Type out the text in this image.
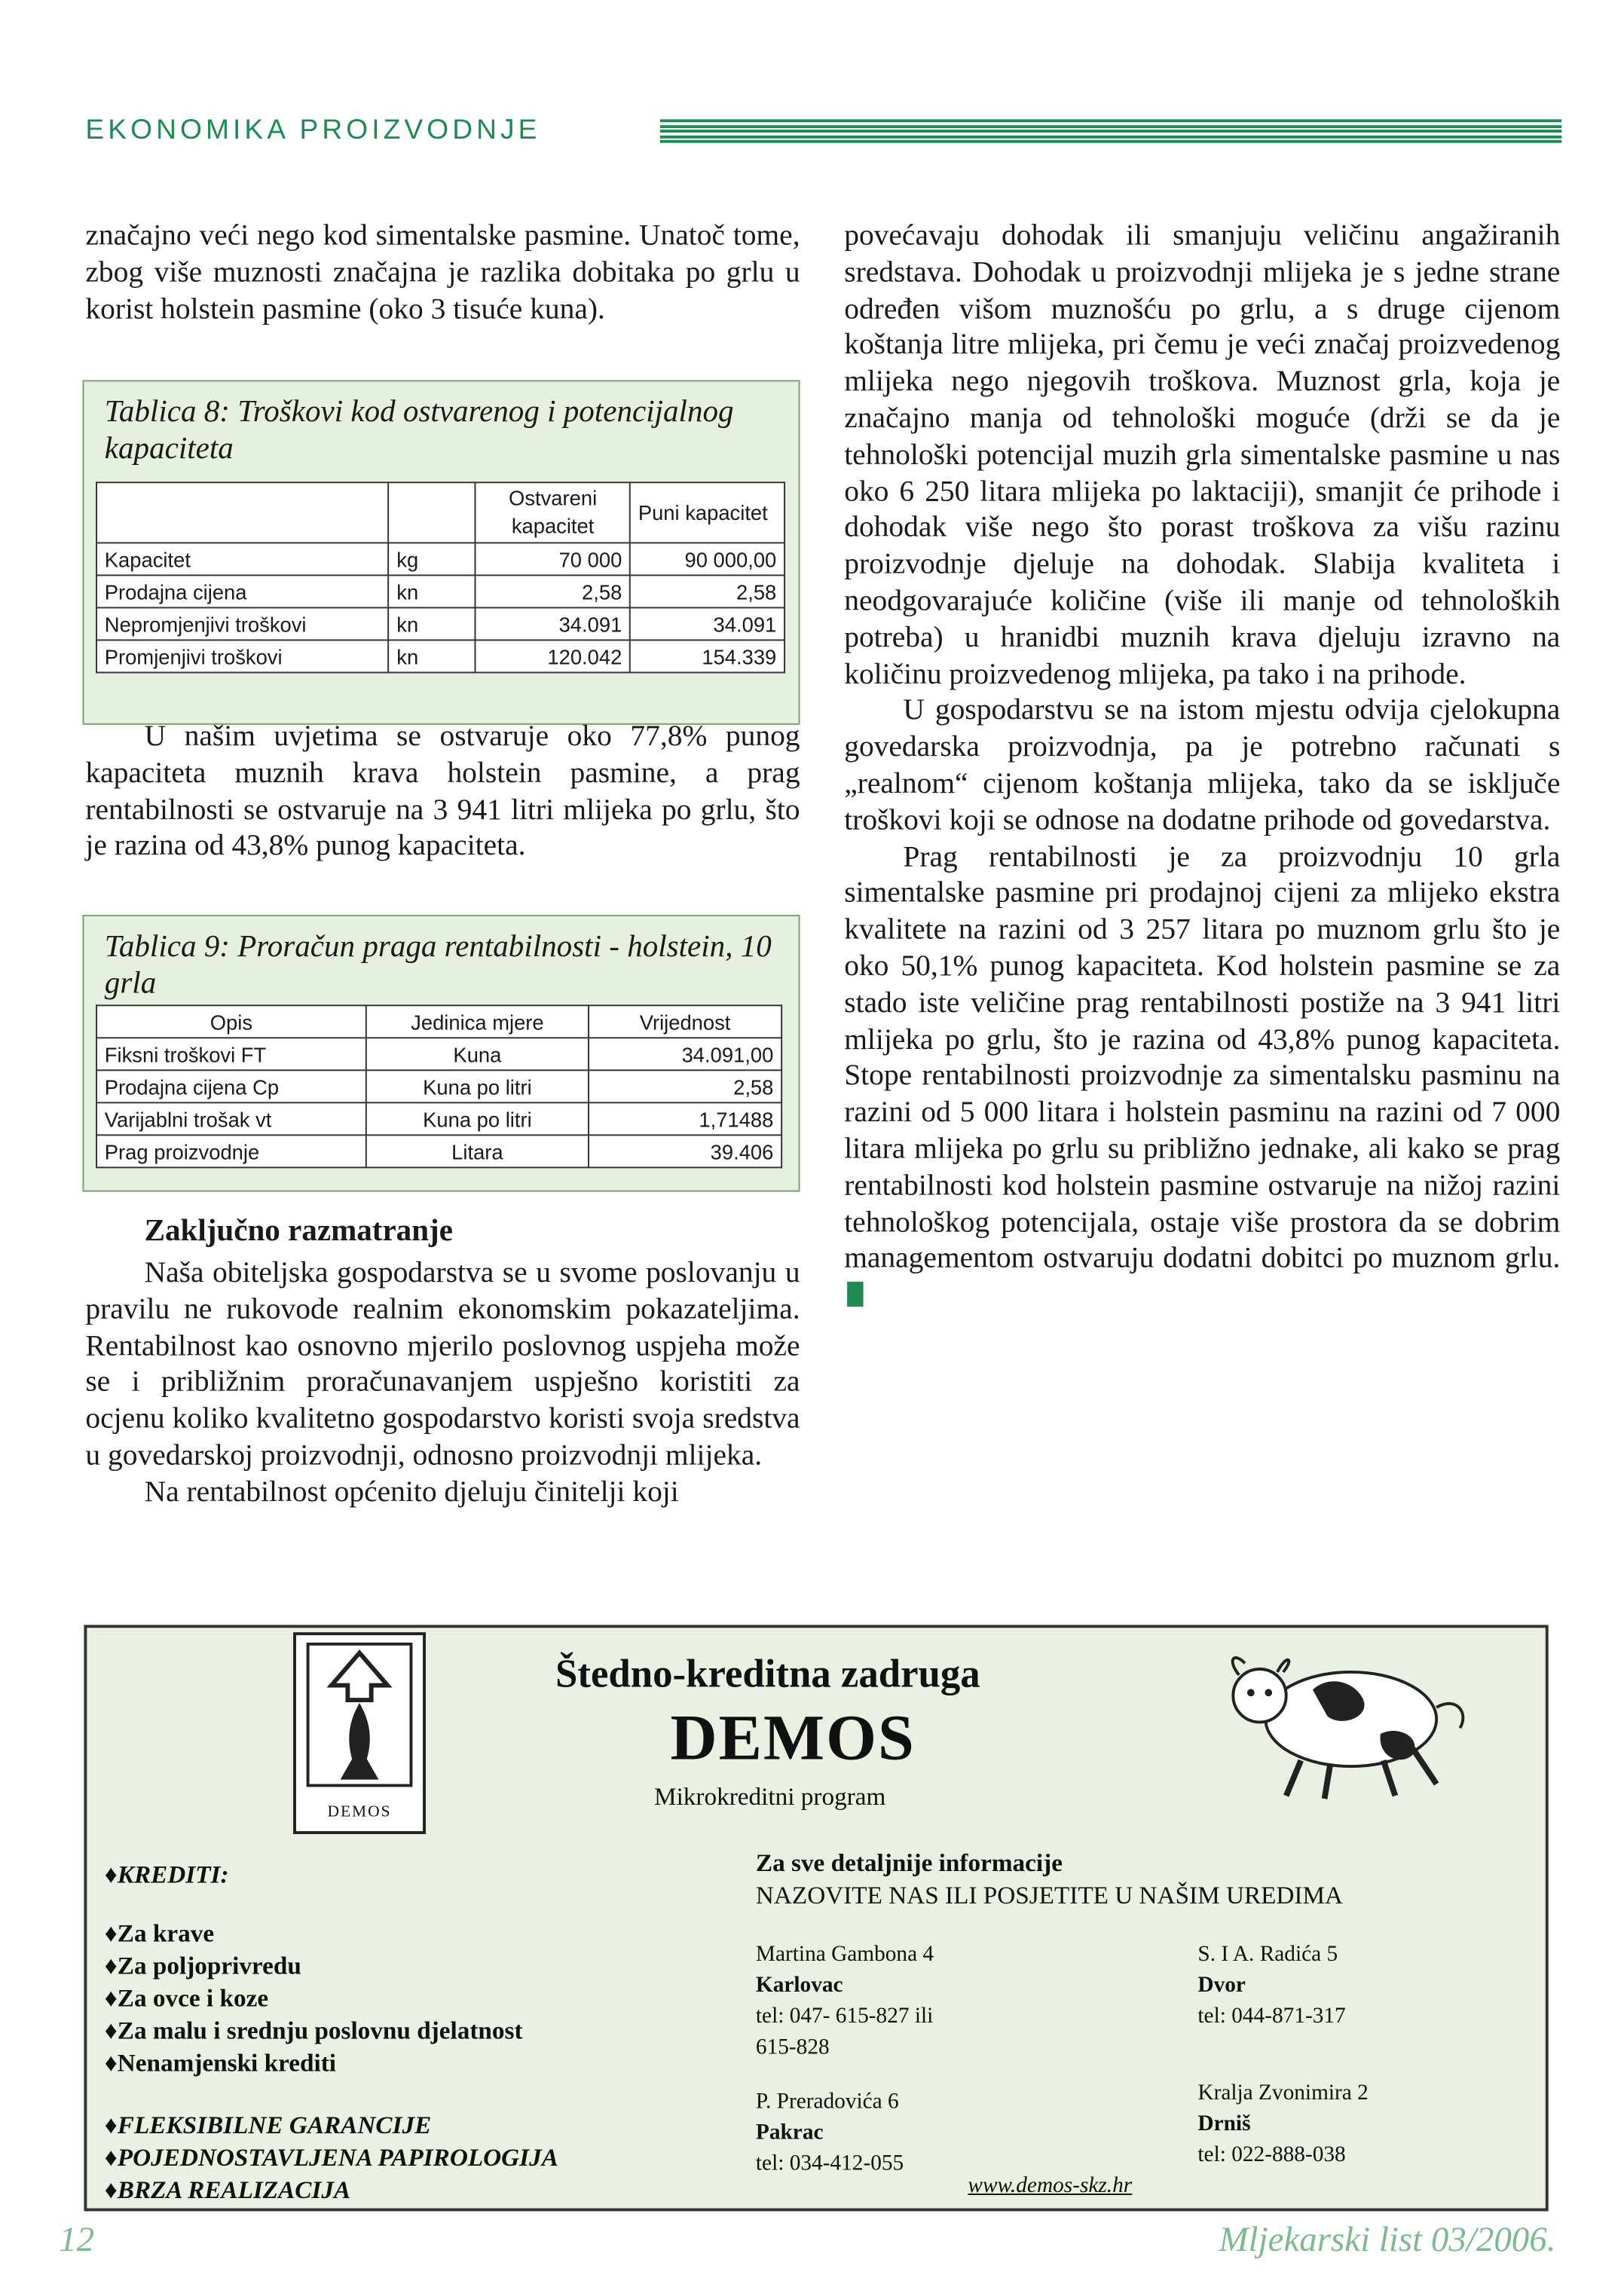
EKONOMIKA PROIZVODNJE

značajno veći nego kod simentalske pasmine. Unatoč tome, zbog više muznosti značajna je razlika dobitaka po grlu u korist holstein pasmine (oko 3 tisuće kuna).

Tablica 8: Troškovi kod ostvarenog i potencijalnog kapaciteta
		Ostvareni kapacitet	Puni kapacitet
Kapacitet	kg	70 000	90 000,00
Prodajna cijena	kn	2,58	2,58
Nepromjenjivi troškovi	kn	34.091	34.091
Promjenjivi troškovi	kn	120.042	154.339

U našim uvjetima se ostvaruje oko 77,8% punog kapaciteta muznih krava holstein pasmine, a prag rentabilnosti se ostvaruje na 3 941 litri mlijeka po grlu, što je razina od 43,8% punog kapaciteta.

Tablica 9: Proračun praga rentabilnosti - holstein, 10 grla
Opis	Jedinica mjere	Vrijednost
Fiksni troškovi FT	Kuna	34.091,00
Prodajna cijena Cp	Kuna po litri	2,58
Varijablni trošak vt	Kuna po litri	1,71488
Prag proizvodnje	Litara	39.406
Zaključno razmatranje

Naša obiteljska gospodarstva se u svome poslovanju u pravilu ne rukovode realnim ekonomskim pokazateljima. Rentabilnost kao osnovno mjerilo poslovnog uspjeha može se i približnim proračunavanjem uspješno koristiti za ocjenu koliko kvalitetno gospodarstvo koristi svoja sredstva u govedarskoj proizvodnji, odnosno proizvodnji mlijeka.

Na rentabilnost općenito djeluju činitelji koji

povećavaju dohodak ili smanjuju veličinu angažiranih sredstava. Dohodak u proizvodnji mlijeka je s jedne strane određen višom muznošću po grlu, a s druge cijenom koštanja litre mlijeka, pri čemu je veći značaj proizvedenog mlijeka nego njegovih troškova. Muznost grla, koja je značajno manja od tehnološki moguće (drži se da je tehnološki potencijal muzih grla simentalske pasmine u nas oko 6 250 litara mlijeka po laktaciji), smanjit će prihode i dohodak više nego što porast troškova za višu razinu proizvodnje djeluje na dohodak. Slabija kvaliteta i neodgovarajuće količine (više ili manje od tehnoloških potreba) u hranidbi muznih krava djeluju izravno na količinu proizvedenog mlijeka, pa tako i na prihode.

U gospodarstvu se na istom mjestu odvija cjelokupna govedarska proizvodnja, pa je potrebno računati s „realnom“ cijenom koštanja mlijeka, tako da se isključe troškovi koji se odnose na dodatne prihode od govedarstva.

Prag rentabilnosti je za proizvodnju 10 grla simentalske pasmine pri prodajnoj cijeni za mlijeko ekstra kvalitete na razini od 3 257 litara po muznom grlu što je oko 50,1% punog kapaciteta. Kod holstein pasmine se za stado iste veličine prag rentabilnosti postiže na 3 941 litri mlijeka po grlu, što je razina od 43,8% punog kapaciteta. Stope rentabilnosti proizvodnje za simentalsku pasminu na razini od 5 000 litara i holstein pasminu na razini od 7 000 litara mlijeka po grlu su približno jednake, ali kako se prag rentabilnosti kod holstein pasmine ostvaruje na nižoj razini tehnološkog potencijala, ostaje više prostora da se dobrim managementom ostvaruju dodatni dobitci po muznom grlu.

DEMOS
Štedno-kreditna zadruga
DEMOS
Mikrokreditni program
♦KREDITI:
♦Za krave
♦Za poljoprivredu
♦Za ovce i koze
♦Za malu i srednju poslovnu djelatnost
♦Nenamjenski krediti
♦FLEKSIBILNE GARANCIJE
♦POJEDNOSTAVLJENA PAPIROLOGIJA
♦BRZA REALIZACIJA
Za sve detaljnije informacije
NAZOVITE NAS ILI POSJETITE U NAŠIM UREDIMA
Martina Gambona 4
Karlovac
tel: 047- 615-827 ili
615-828
S. I A. Radića 5
Dvor
tel: 044-871-317
P. Preradovića 6
Pakrac
tel: 034-412-055
Kralja Zvonimira 2
Drniš
tel: 022-888-038
www.demos-skz.hr
12	Mljekarski list 03/2006.
